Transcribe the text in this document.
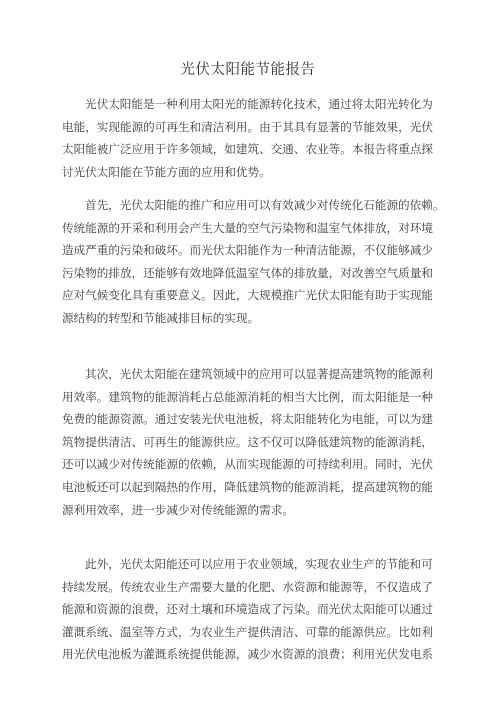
光伏太阳能节能报告
光伏太阳能是一种利用太阳光的能源转化技术，通过将太阳光转化为
电能，实现能源的可再生和清洁利用。由于其具有显著的节能效果，光伏
太阳能被广泛应用于许多领域，如建筑、交通、农业等。本报告将重点探
讨光伏太阳能在节能方面的应用和优势。
首先，光伏太阳能的推广和应用可以有效减少对传统化石能源的依赖。
传统能源的开采和利用会产生大量的空气污染物和温室气体排放，对环境
造成严重的污染和破坏。而光伏太阳能作为一种清洁能源，不仅能够减少
污染物的排放，还能够有效地降低温室气体的排放量，对改善空气质量和
应对气候变化具有重要意义。因此，大规模推广光伏太阳能有助于实现能
源结构的转型和节能减排目标的实现。
其次，光伏太阳能在建筑领域中的应用可以显著提高建筑物的能源利
用效率。建筑物的能源消耗占总能源消耗的相当大比例，而太阳能是一种
免费的能源资源。通过安装光伏电池板，将太阳能转化为电能，可以为建
筑物提供清洁、可再生的能源供应。这不仅可以降低建筑物的能源消耗，
还可以减少对传统能源的依赖，从而实现能源的可持续利用。同时，光伏
电池板还可以起到隔热的作用，降低建筑物的能源消耗，提高建筑物的能
源利用效率，进一步减少对传统能源的需求。
此外，光伏太阳能还可以应用于农业领域，实现农业生产的节能和可
持续发展。传统农业生产需要大量的化肥、水资源和能源等，不仅造成了
能源和资源的浪费，还对土壤和环境造成了污染。而光伏太阳能可以通过
灌溉系统、温室等方式，为农业生产提供清洁、可靠的能源供应。比如利
用光伏电池板为灌溉系统提供能源，减少水资源的浪费；利用光伏发电系
